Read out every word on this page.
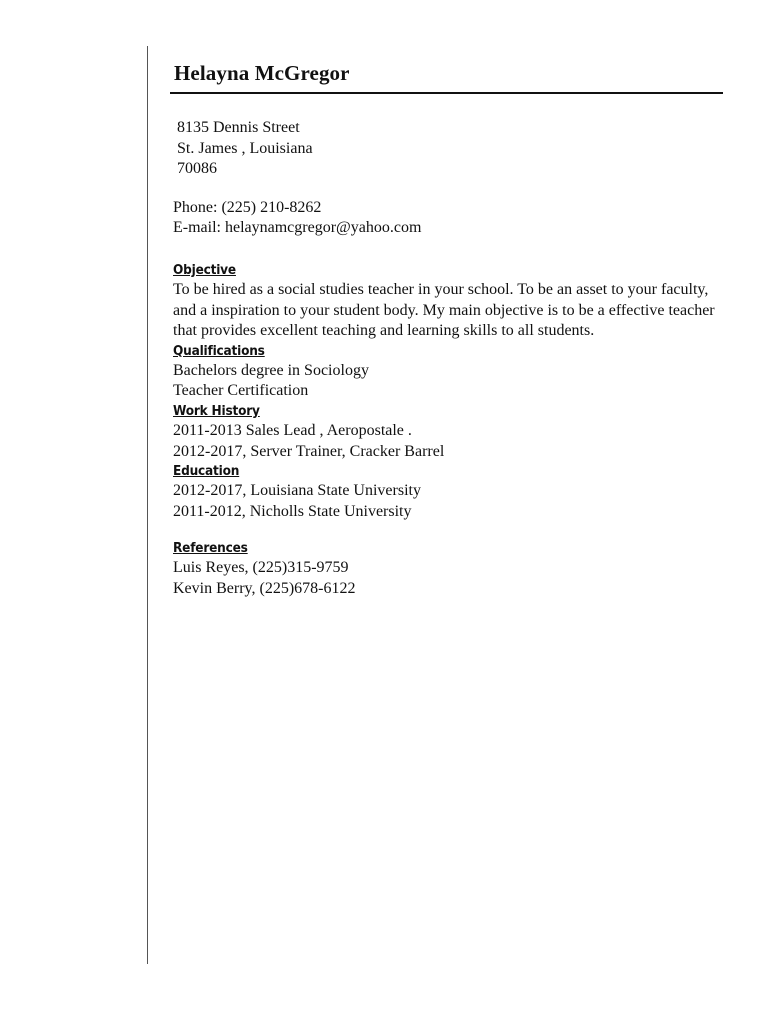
Helayna McGregor

8135 Dennis Street
St. James , Louisiana
70086

Phone: (225) 210-8262
E-mail: helaynamcgregor@yahoo.com

Objective

To be hired as a social studies teacher in your school. To be an asset to your faculty, and a inspiration to your student body. My main objective is to be a effective teacher that provides excellent teaching and learning skills to all students.

Qualifications

Bachelors degree in Sociology
Teacher Certification

Work History

2011-2013 Sales Lead , Aeropostale .
2012-2017, Server Trainer, Cracker Barrel

Education

2012-2017, Louisiana State University
2011-2012, Nicholls State University

References

Luis Reyes, (225)315-9759
Kevin Berry, (225)678-6122
